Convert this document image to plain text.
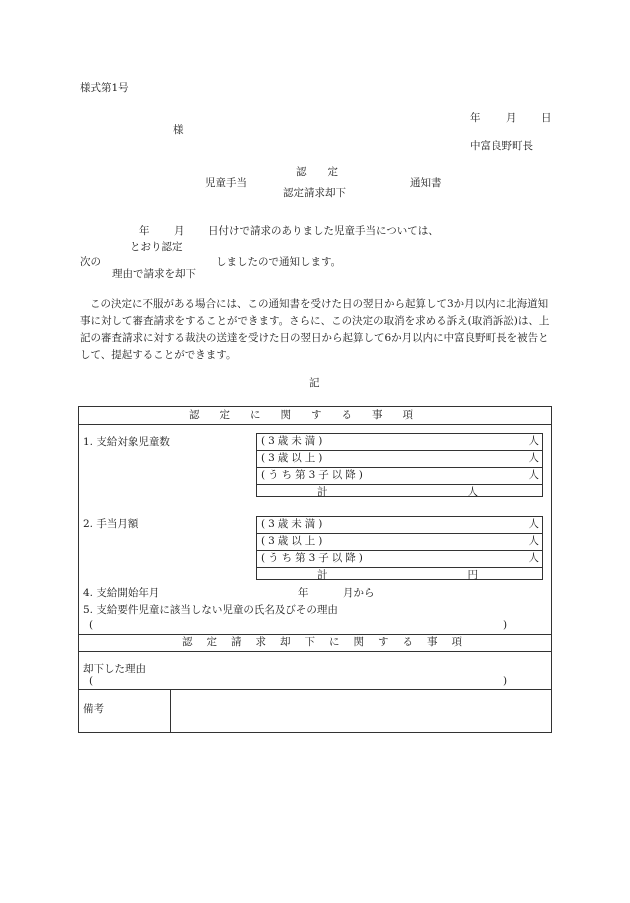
様式第1号
年 月 日
様
中富良野町長
認　　定
児童手当	通知書
認定請求却下
年 月 日付けで請求のありました児童手当については、
とおり認定
次の	しましたので通知します。
理由で請求を却下
この決定に不服がある場合には、この通知書を受けた日の翌日から起算して3か月以内に北海道知事に対して審査請求をすることができます。さらに、この決定の取消を求める訴え(取消訴訟)は、上記の審査請求に対する裁決の送達を受けた日の翌日から起算して6か月以内に中富良野町長を被告として、提起することができます。
記
認定に関する事項
1. 支給対象児童数	(3歳未満)	人
(3歳以上)	人
(うち第3子以降)	人
計	人
2. 手当月額	(3歳未満)	人
(3歳以上)	人
(うち第3子以降)	人
計	円
4. 支給開始年月	年	月から
5. 支給要件児童に該当しない児童の氏名及びその理由
(	)
認定請求却下に関する事項
却下した理由
(	)
備考
